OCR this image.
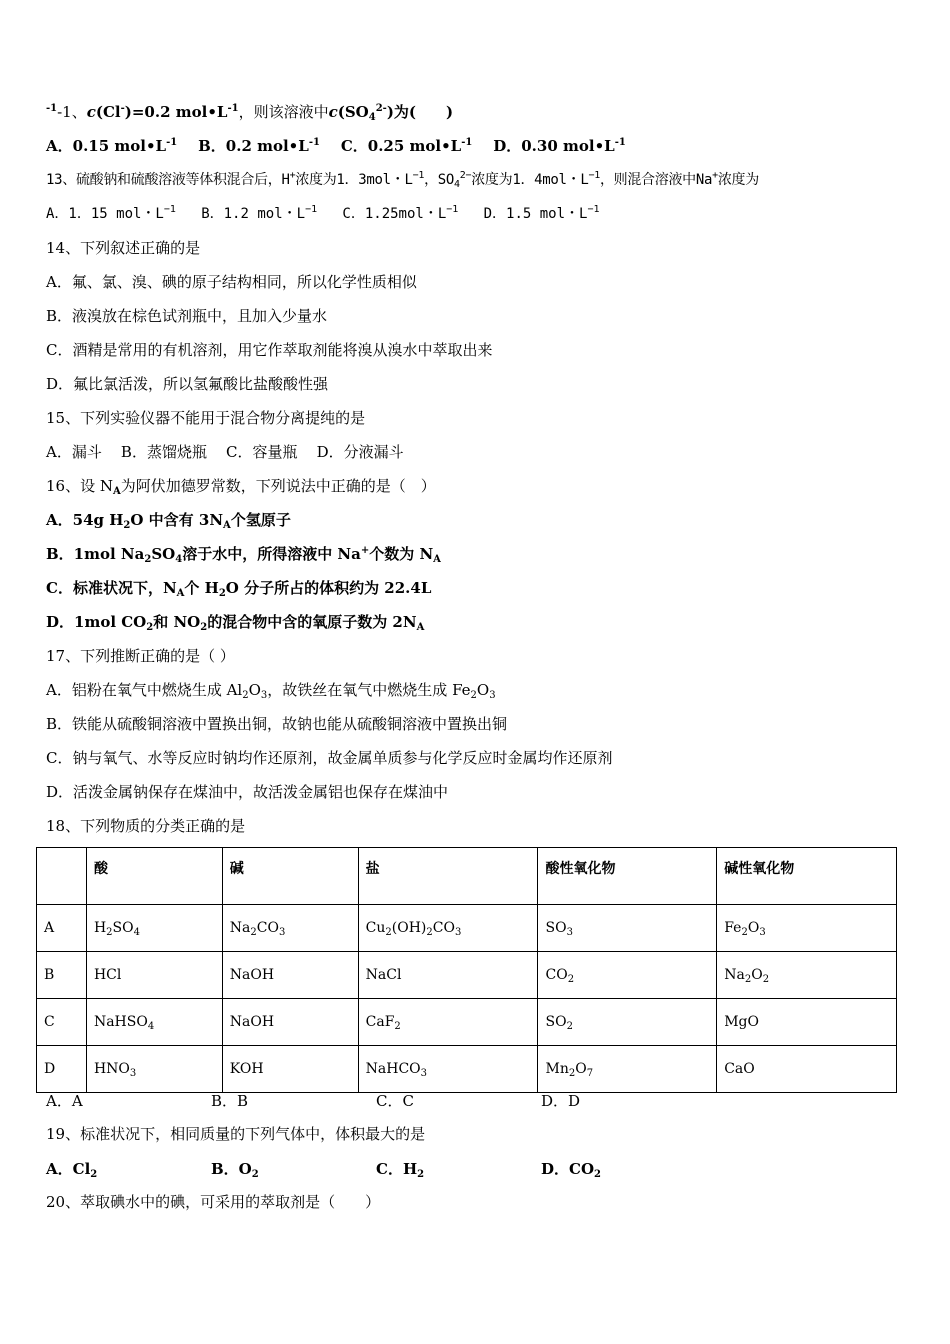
$^{-1}$-1、c(Cl-)=0.2 $mol•L^{-1}$，则该溶液中$c(SO_4^{2-})$为(　　)
A．0.15 $mol•L^{-1}$ B．0.2 $mol•L^{-1}$ C．0.25 $mol•L^{-1}$ D．0.30 $mol•L^{-1}$
13、硫酸钠和硫酸溶液等体积混合后，H+浓度为1．3mol・$L^{-1}$，$SO_4^{2-}$浓度为1．4mol・$L^{-1}$，则混合溶液中Na+浓度为
A．1．15 mol・$L^{-1}$ B．1.2 mol・$L^{-1}$ C．1.25mol・$L^{-1}$ D．1.5 mol・$L^{-1}$
14、下列叙述正确的是
A．氟、氯、溴、碘的原子结构相同，所以化学性质相似
B．液溴放在棕色试剂瓶中，且加入少量水
C．酒精是常用的有机溶剂，用它作萃取剂能将溴从溴水中萃取出来
D．氟比氯活泼，所以氢氟酸比盐酸酸性强
15、下列实验仪器不能用于混合物分离提纯的是
A．漏斗 B．蒸馏烧瓶 C．容量瓶 D．分液漏斗
16、设 $N_A$为阿伏加德罗常数，下列说法中正确的是（　）
A．54g $H_2O$ 中含有 $3N_A$个氢原子
B．1mol $Na_2SO_4$溶于水中，所得溶液中 Na+个数为 $N_A$
C．标准状况下，$N_A$个 $H_2O$ 分子所占的体积约为 22.4L
D．1mol $CO_2$和 $NO_2$的混合物中含的氧原子数为 $2N_A$
17、下列推断正确的是（ ）
A．铝粉在氧气中燃烧生成 $Al_2O_3$，故铁丝在氧气中燃烧生成 $Fe_2O_3$
B．铁能从硫酸铜溶液中置换出铜，故钠也能从硫酸铜溶液中置换出铜
C．钠与氧气、水等反应时钠均作还原剂，故金属单质参与化学反应时金属均作还原剂
D．活泼金属钠保存在煤油中，故活泼金属铝也保存在煤油中
18、下列物质的分类正确的是
	酸	碱	盐	酸性氧化物	碱性氧化物
A	$H_2SO_4$	$Na_2CO_3$	$Cu_2(OH)_2CO_3$	$SO_3$	$Fe_2O_3$
B	HCl	NaOH	NaCl	$CO_2$	$Na_2O_2$
C	NaHSO$_4$	NaOH	CaF$_2$	$SO_2$	MgO
D	$HNO_3$	KOH	NaHCO$_3$	$Mn_2O_7$	CaO
A．A	B．B	C．C	D．D
19、标准状况下，相同质量的下列气体中，体积最大的是
A．$Cl_2$	B．$O_2$	C．$H_2$	D．$CO_2$
20、萃取碘水中的碘，可采用的萃取剂是（　　）
